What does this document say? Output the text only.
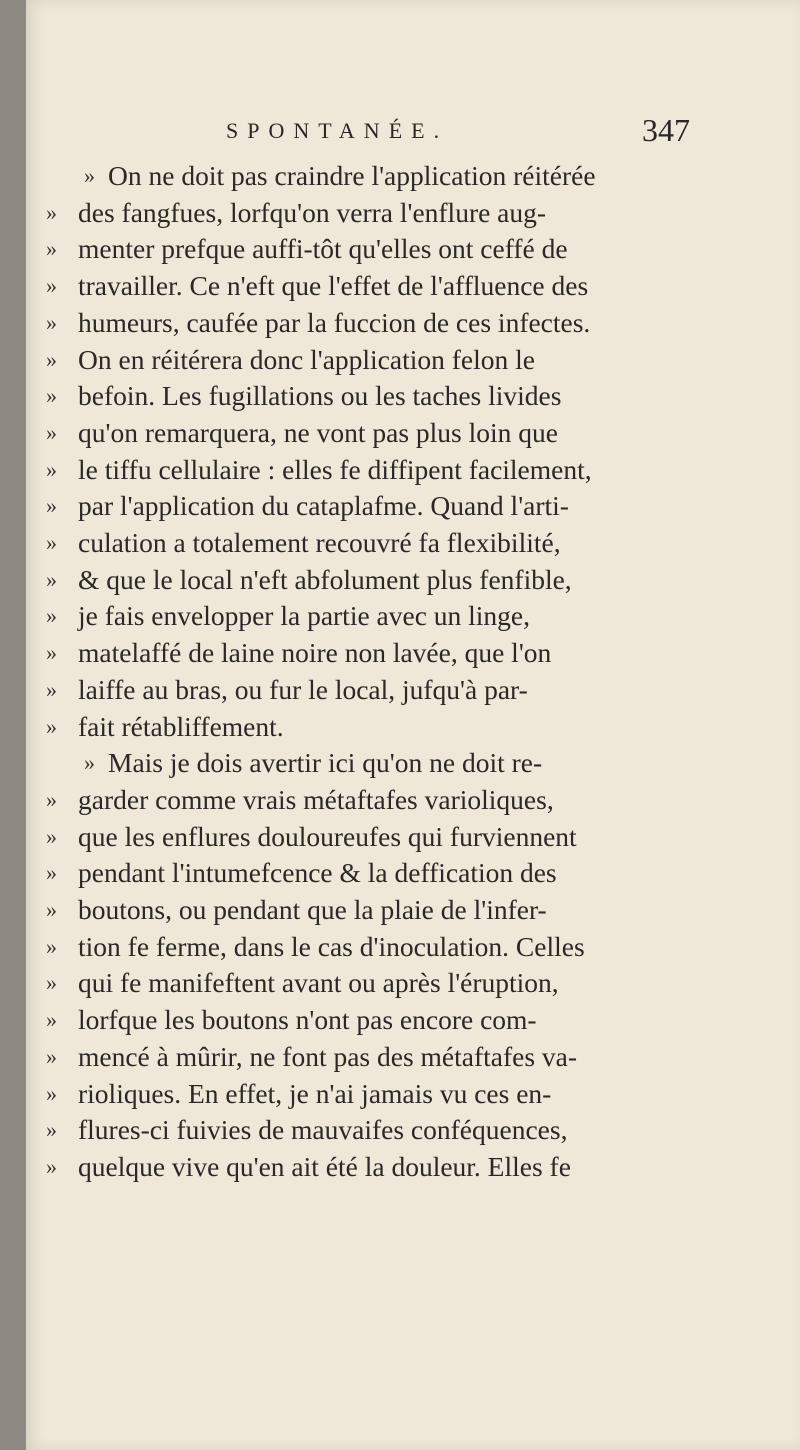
SPONTANÉE.	347
» On ne doit pas craindre l'application réitérée
» des fangfues, lorfqu'on verra l'enflure aug-
» menter prefque auffi-tôt qu'elles ont ceffé de
» travailler. Ce n'eft que l'effet de l'affluence des
» humeurs, caufée par la fuccion de ces infectes.
» On en réitérera donc l'application felon le
» befoin. Les fugillations ou les taches livides
» qu'on remarquera, ne vont pas plus loin que
» le tiffu cellulaire : elles fe diffipent facilement,
» par l'application du cataplafme. Quand l'arti-
» culation a totalement recouvré fa flexibilité,
» & que le local n'eft abfolument plus fenfible,
» je fais envelopper la partie avec un linge,
» matelaffé de laine noire non lavée, que l'on
» laiffe au bras, ou fur le local, jufqu'à par-
» fait rétabliffement.
» Mais je dois avertir ici qu'on ne doit re-
» garder comme vrais métaftafes varioliques,
» que les enflures douloureufes qui furviennent
» pendant l'intumefcence & la deffication des
» boutons, ou pendant que la plaie de l'infer-
» tion fe ferme, dans le cas d'inoculation. Celles
» qui fe manifeftent avant ou après l'éruption,
» lorfque les boutons n'ont pas encore com-
» mencé à mûrir, ne font pas des métaftafes va-
» rioliques. En effet, je n'ai jamais vu ces en-
» flures-ci fuivies de mauvaifes conféquences,
» quelque vive qu'en ait été la douleur. Elles fe
